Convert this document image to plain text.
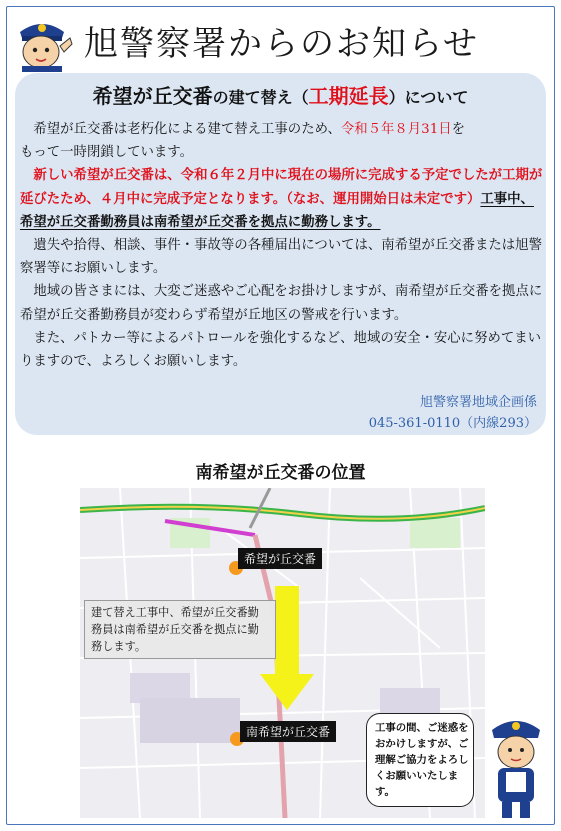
旭警察署からのお知らせ
希望が丘交番の建て替え（工期延長）について

 希望が丘交番は老朽化による建て替え工事のため、令和５年８月31日を
もって一時閉鎖しています。

 新しい希望が丘交番は、令和６年２月中に現在の場所に完成する予定でしたが工期が延びたため、４月中に完成予定となります。（なお、運用開始日は未定です）工事中、希望が丘交番勤務員は南希望が丘交番を拠点に勤務します。

 遺失や拾得、相談、事件・事故等の各種届出については、南希望が丘交番または旭警察署等にお願いします。

 地域の皆さまには、大変ご迷惑やご心配をお掛けしますが、南希望が丘交番を拠点に希望が丘交番勤務員が変わらず希望が丘地区の警戒を行います。

 また、パトカー等によるパトロールを強化するなど、地域の安全・安心に努めてまいりますので、よろしくお願いします。

旭警察署地域企画係
045-361-0110（内線293）
南希望が丘交番の位置
希望が丘交番
南希望が丘交番
建て替え工事中、希望が丘交番勤務員は南希望が丘交番を拠点に勤務します。
工事の間、ご迷惑をおかけしますが、ご理解ご協力をよろしくお願いいたします。
